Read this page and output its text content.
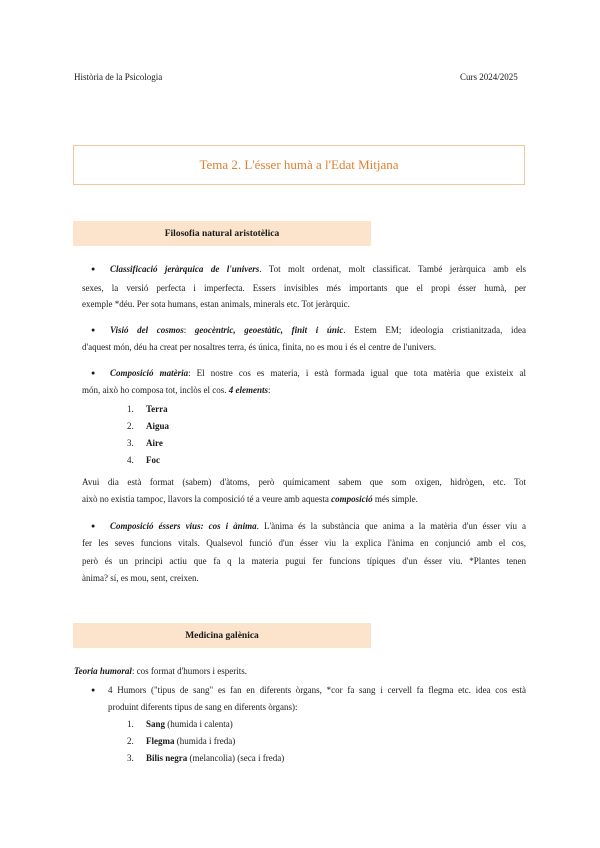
Història de la Psicologia	Curs 2024/2025
Tema 2. L'ésser humà a l'Edat Mitjana
Filosofia natural aristotèlica
● Classificació jeràrquica de l'univers. Tot molt ordenat, molt classificat. També jeràrquica amb els
sexes, la versió perfecta i imperfecta. Essers invisibles més importants que el propi ésser humà, per
exemple *déu. Per sota humans, estan animals, minerals etc. Tot jeràrquic.
● Visió del cosmos: geocèntric, geoestàtic, finit i únic. Estem EM; ideologia cristianitzada, idea
d'aquest món, déu ha creat per nosaltres terra, és única, finita, no es mou i és el centre de l'univers.
● Composició matèria: El nostre cos es materia, i està formada igual que tota matèria que existeix al
món, això ho composa tot, inclòs el cos. 4 elements:
1. Terra
2. Aigua
3. Aire
4. Foc
Avui dia està format (sabem) d'àtoms, però químicament sabem que som oxigen, hidrògen, etc. Tot
això no existia tampoc, llavors la composició té a veure amb aquesta composició més simple.
● Composició éssers vius: cos i ànima. L'ànima és la substància que anima a la matèria d'un ésser viu a
fer les seves funcions vitals. Qualsevol funció d'un ésser viu la explica l'ànima en conjunció amb el cos,
però és un principi actiu que fa q la materia pugui fer funcions típiques d'un ésser viu. *Plantes tenen
ànima? sí, es mou, sent, creixen.
Medicina galènica
Teoria humoral: cos format d'humors i esperits.
● 4 Humors ("tipus de sang" es fan en diferents òrgans, *cor fa sang i cervell fa flegma etc. idea cos està
produint diferents tipus de sang en diferents òrgans):
1. Sang (humida i calenta)
2. Flegma (humida i freda)
3. Bilis negra (melancolia) (seca i freda)
